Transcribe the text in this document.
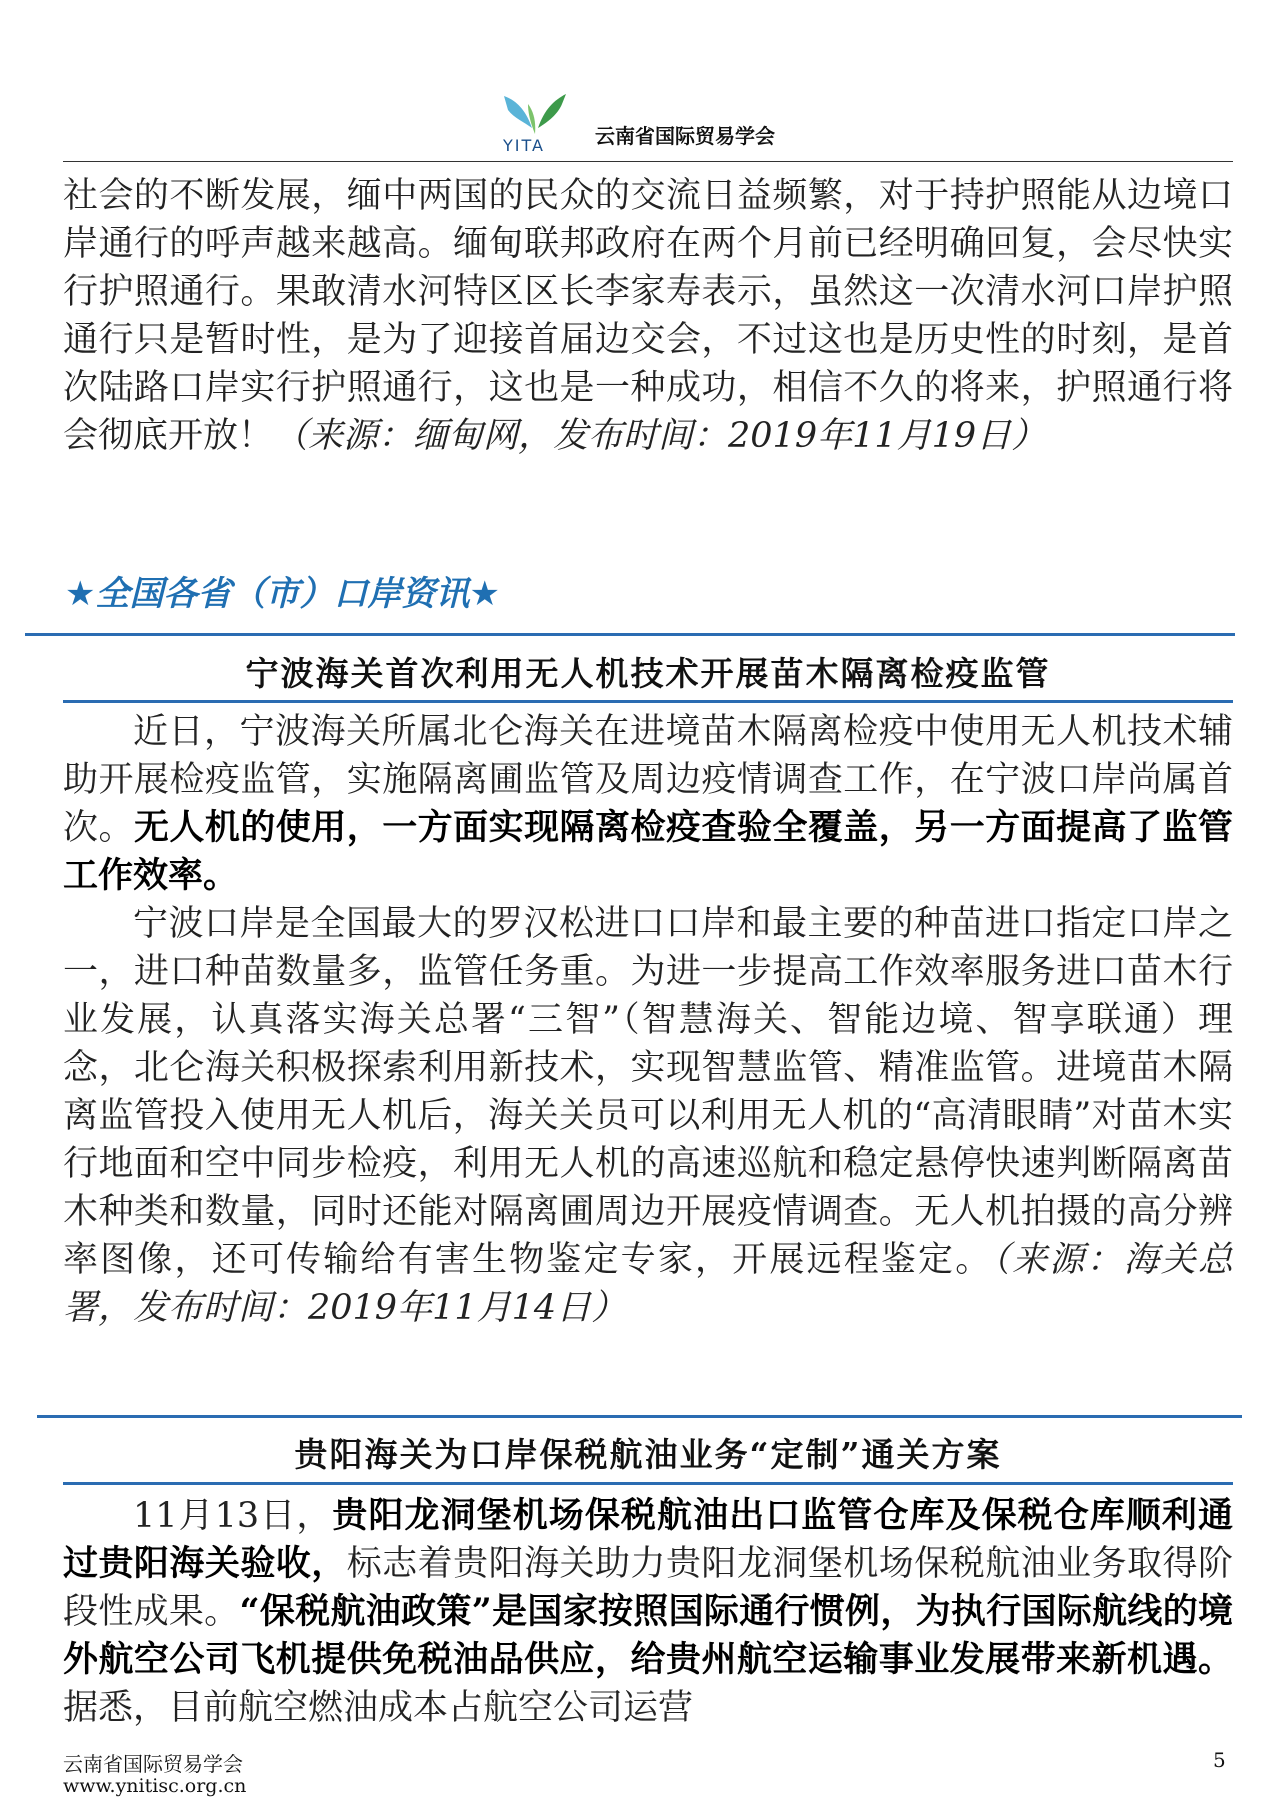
YITA	云南省国际贸易学会

社会的不断发展，缅中两国的民众的交流日益频繁，对于持护照能从边境口岸通行的呼声越来越高。缅甸联邦政府在两个月前已经明确回复，会尽快实行护照通行。果敢清水河特区区长李家寿表示，虽然这一次清水河口岸护照通行只是暂时性，是为了迎接首届边交会，不过这也是历史性的时刻，是首次陆路口岸实行护照通行，这也是一种成功，相信不久的将来，护照通行将会彻底开放！（来源：缅甸网，发布时间：2019年11月19日）

★全国各省（市）口岸资讯★
宁波海关首次利用无人机技术开展苗木隔离检疫监管

近日，宁波海关所属北仑海关在进境苗木隔离检疫中使用无人机技术辅助开展检疫监管，实施隔离圃监管及周边疫情调查工作，在宁波口岸尚属首次。无人机的使用，一方面实现隔离检疫查验全覆盖，另一方面提高了监管工作效率。

宁波口岸是全国最大的罗汉松进口口岸和最主要的种苗进口指定口岸之一，进口种苗数量多，监管任务重。为进一步提高工作效率服务进口苗木行业发展，认真落实海关总署“三智”（智慧海关、智能边境、智享联通）理念，北仑海关积极探索利用新技术，实现智慧监管、精准监管。进境苗木隔离监管投入使用无人机后，海关关员可以利用无人机的“高清眼睛”对苗木实行地面和空中同步检疫，利用无人机的高速巡航和稳定悬停快速判断隔离苗木种类和数量，同时还能对隔离圃周边开展疫情调查。无人机拍摄的高分辨率图像，还可传输给有害生物鉴定专家，开展远程鉴定。（来源：海关总署，发布时间：2019年11月14日）

贵阳海关为口岸保税航油业务“定制”通关方案

11月13日，贵阳龙洞堡机场保税航油出口监管仓库及保税仓库顺利通过贵阳海关验收，标志着贵阳海关助力贵阳龙洞堡机场保税航油业务取得阶段性成果。“保税航油政策”是国家按照国际通行惯例，为执行国际航线的境外航空公司飞机提供免税油品供应，给贵州航空运输事业发展带来新机遇。据悉，目前航空燃油成本占航空公司运营

云南省国际贸易学会
www.ynitisc.org.cn
5
